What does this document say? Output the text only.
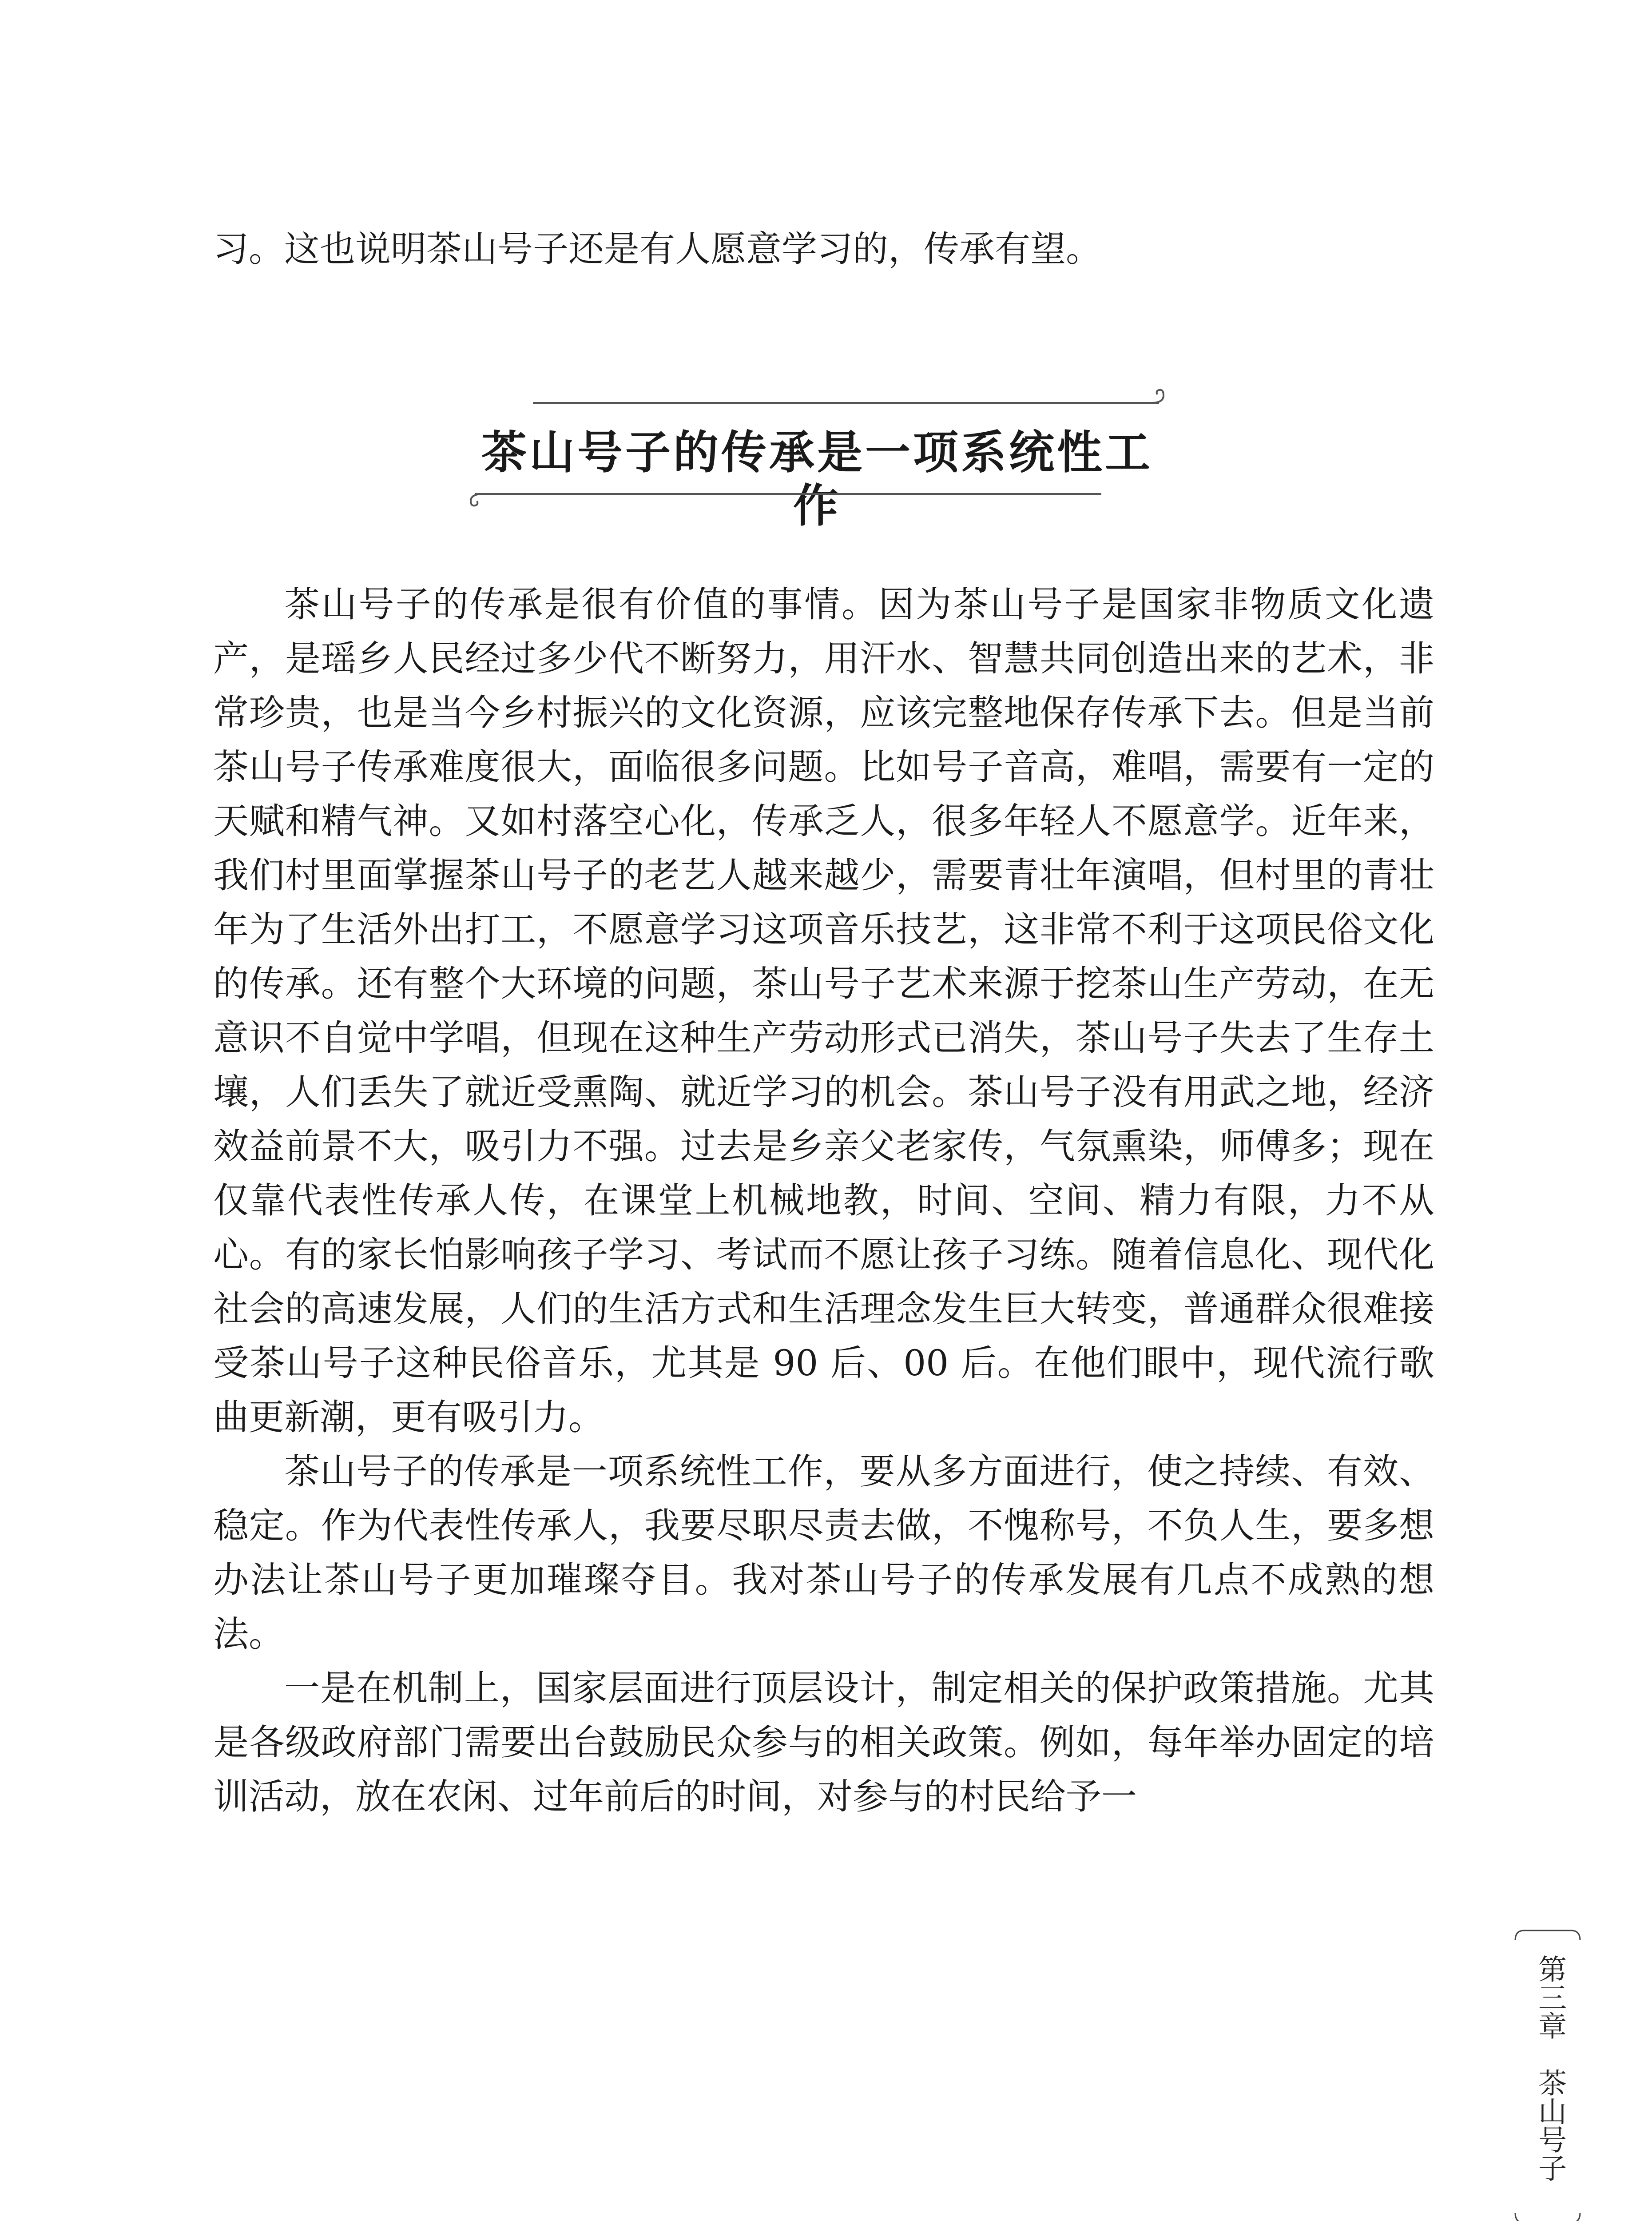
习。这也说明茶山号子还是有人愿意学习的，传承有望。
茶山号子的传承是一项系统性工作

茶山号子的传承是很有价值的事情。因为茶山号子是国家非物质文化遗产，是瑶乡人民经过多少代不断努力，用汗水、智慧共同创造出来的艺术，非常珍贵，也是当今乡村振兴的文化资源，应该完整地保存传承下去。但是当前茶山号子传承难度很大，面临很多问题。比如号子音高，难唱，需要有一定的天赋和精气神。又如村落空心化，传承乏人，很多年轻人不愿意学。近年来，我们村里面掌握茶山号子的老艺人越来越少，需要青壮年演唱，但村里的青壮年为了生活外出打工，不愿意学习这项音乐技艺，这非常不利于这项民俗文化的传承。还有整个大环境的问题，茶山号子艺术来源于挖茶山生产劳动，在无意识不自觉中学唱，但现在这种生产劳动形式已消失，茶山号子失去了生存土壤，人们丢失了就近受熏陶、就近学习的机会。茶山号子没有用武之地，经济效益前景不大，吸引力不强。过去是乡亲父老家传，气氛熏染，师傅多；现在仅靠代表性传承人传，在课堂上机械地教，时间、空间、精力有限，力不从心。有的家长怕影响孩子学习、考试而不愿让孩子习练。随着信息化、现代化社会的高速发展，人们的生活方式和生活理念发生巨大转变，普通群众很难接受茶山号子这种民俗音乐，尤其是 90 后、00 后。在他们眼中，现代流行歌曲更新潮，更有吸引力。

茶山号子的传承是一项系统性工作，要从多方面进行，使之持续、有效、稳定。作为代表性传承人，我要尽职尽责去做，不愧称号，不负人生，要多想办法让茶山号子更加璀璨夺目。我对茶山号子的传承发展有几点不成熟的想法。

一是在机制上，国家层面进行顶层设计，制定相关的保护政策措施。尤其是各级政府部门需要出台鼓励民众参与的相关政策。例如，每年举办固定的培训活动，放在农闲、过年前后的时间，对参与的村民给予一

第三章　茶山号子
